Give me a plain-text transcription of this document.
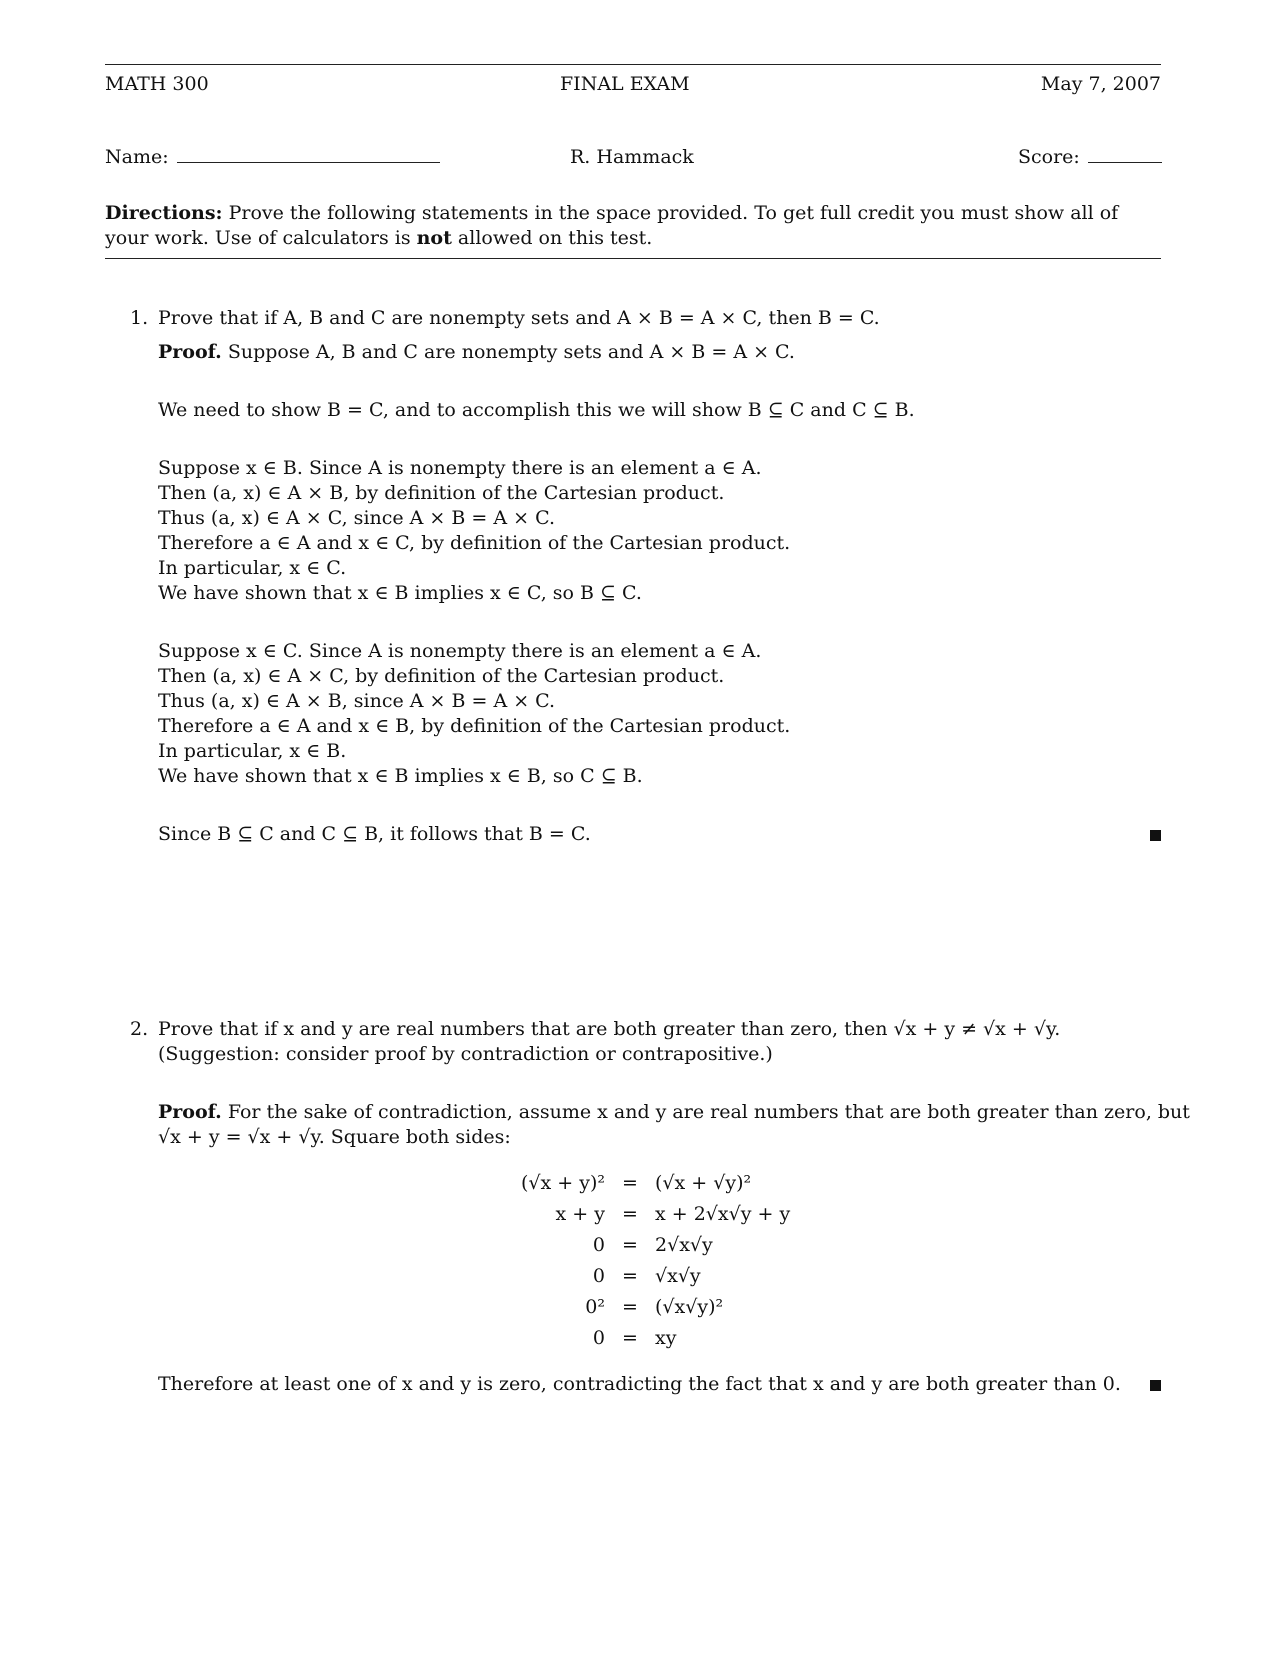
MATH 300	FINAL EXAM	May 7, 2007
Name:	R. Hammack	Score:
Directions: Prove the following statements in the space provided. To get full credit you must show all of your work. Use of calculators is not allowed on this test.
1. Prove that if A, B and C are nonempty sets and A × B = A × C, then B = C.
Proof. Suppose A, B and C are nonempty sets and A × B = A × C.
We need to show B = C, and to accomplish this we will show B ⊆ C and C ⊆ B.
Suppose x ∈ B. Since A is nonempty there is an element a ∈ A.
Then (a, x) ∈ A × B, by definition of the Cartesian product.
Thus (a, x) ∈ A × C, since A × B = A × C.
Therefore a ∈ A and x ∈ C, by definition of the Cartesian product.
In particular, x ∈ C.
We have shown that x ∈ B implies x ∈ C, so B ⊆ C.
Suppose x ∈ C. Since A is nonempty there is an element a ∈ A.
Then (a, x) ∈ A × C, by definition of the Cartesian product.
Thus (a, x) ∈ A × B, since A × B = A × C.
Therefore a ∈ A and x ∈ B, by definition of the Cartesian product.
In particular, x ∈ B.
We have shown that x ∈ B implies x ∈ B, so C ⊆ B.
Since B ⊆ C and C ⊆ B, it follows that B = C.
2. Prove that if x and y are real numbers that are both greater than zero, then √x + y ≠ √x + √y.
(Suggestion: consider proof by contradiction or contrapositive.)
Proof. For the sake of contradiction, assume x and y are real numbers that are both greater than zero, but
√x + y = √x + √y. Square both sides:
(√x + y)² = (√x + √y)²
x + y = x + 2√x√y + y
0 = 2√x√y
0 = √x√y
0² = (√x√y)²
0 = xy
Therefore at least one of x and y is zero, contradicting the fact that x and y are both greater than 0.
